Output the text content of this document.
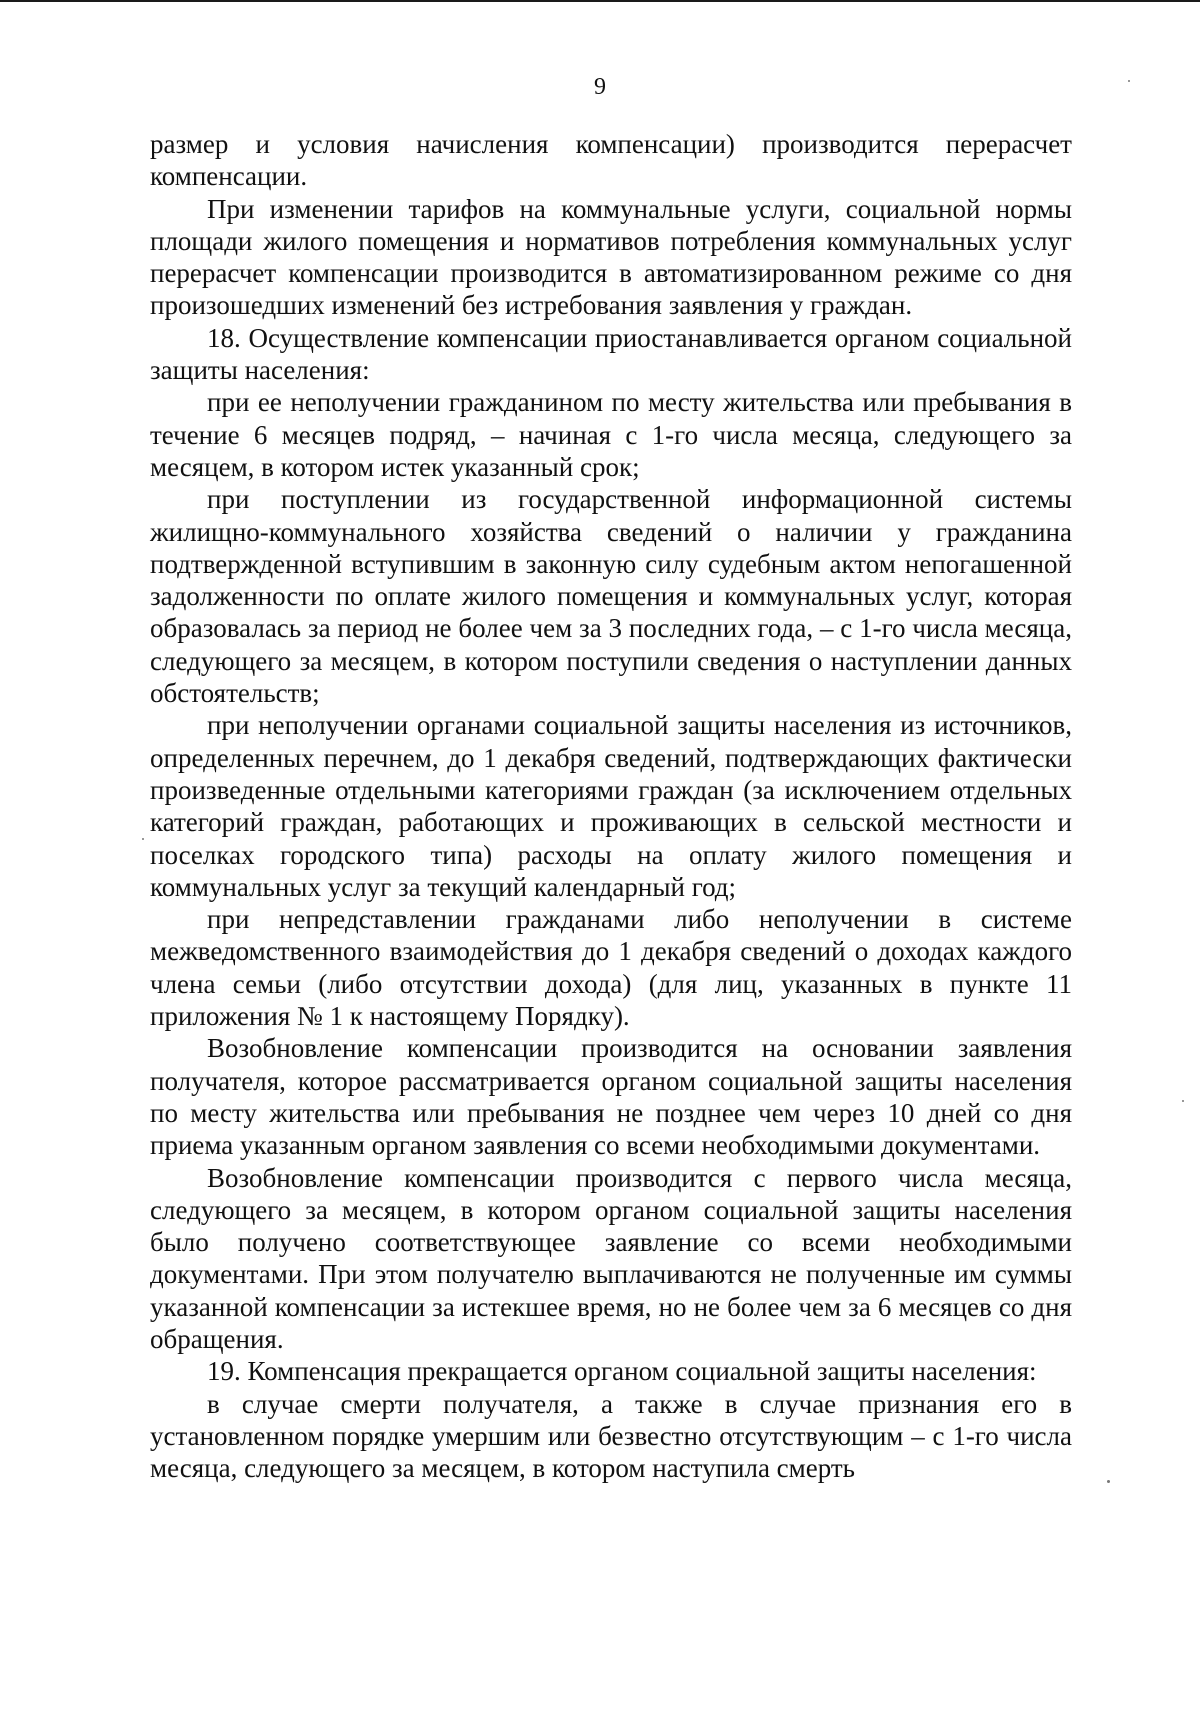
9

размер и условия начисления компенсации) производится перерасчет компенсации.

При изменении тарифов на коммунальные услуги, социальной нормы площади жилого помещения и нормативов потребления коммунальных услуг перерасчет компенсации производится в автоматизированном режиме со дня произошедших изменений без истребования заявления у граждан.

18. Осуществление компенсации приостанавливается органом социальной защиты населения:

при ее неполучении гражданином по месту жительства или пребывания в течение 6 месяцев подряд, – начиная с 1-го числа месяца, следующего за месяцем, в котором истек указанный срок;

при поступлении из государственной информационной системы жилищно-коммунального хозяйства сведений о наличии у гражданина подтвержденной вступившим в законную силу судебным актом непогашенной задолженности по оплате жилого помещения и коммунальных услуг, которая образовалась за период не более чем за 3 последних года, – с 1-го числа месяца, следующего за месяцем, в котором поступили сведения о наступлении данных обстоятельств;

при неполучении органами социальной защиты населения из источников, определенных перечнем, до 1 декабря сведений, подтверждающих фактически произведенные отдельными категориями граждан (за исключением отдельных категорий граждан, работающих и проживающих в сельской местности и поселках городского типа) расходы на оплату жилого помещения и коммунальных услуг за текущий календарный год;

при непредставлении гражданами либо неполучении в системе межведомственного взаимодействия до 1 декабря сведений о доходах каждого члена семьи (либо отсутствии дохода) (для лиц, указанных в пункте 11 приложения № 1 к настоящему Порядку).

Возобновление компенсации производится на основании заявления получателя, которое рассматривается органом социальной защиты населения по месту жительства или пребывания не позднее чем через 10 дней со дня приема указанным органом заявления со всеми необходимыми документами.

Возобновление компенсации производится с первого числа месяца, следующего за месяцем, в котором органом социальной защиты населения было получено соответствующее заявление со всеми необходимыми документами. При этом получателю выплачиваются не полученные им суммы указанной компенсации за истекшее время, но не более чем за 6 месяцев со дня обращения.

19. Компенсация прекращается органом социальной защиты населения:

в случае смерти получателя, а также в случае признания его в установленном порядке умершим или безвестно отсутствующим – с 1-го числа месяца, следующего за месяцем, в котором наступила смерть
